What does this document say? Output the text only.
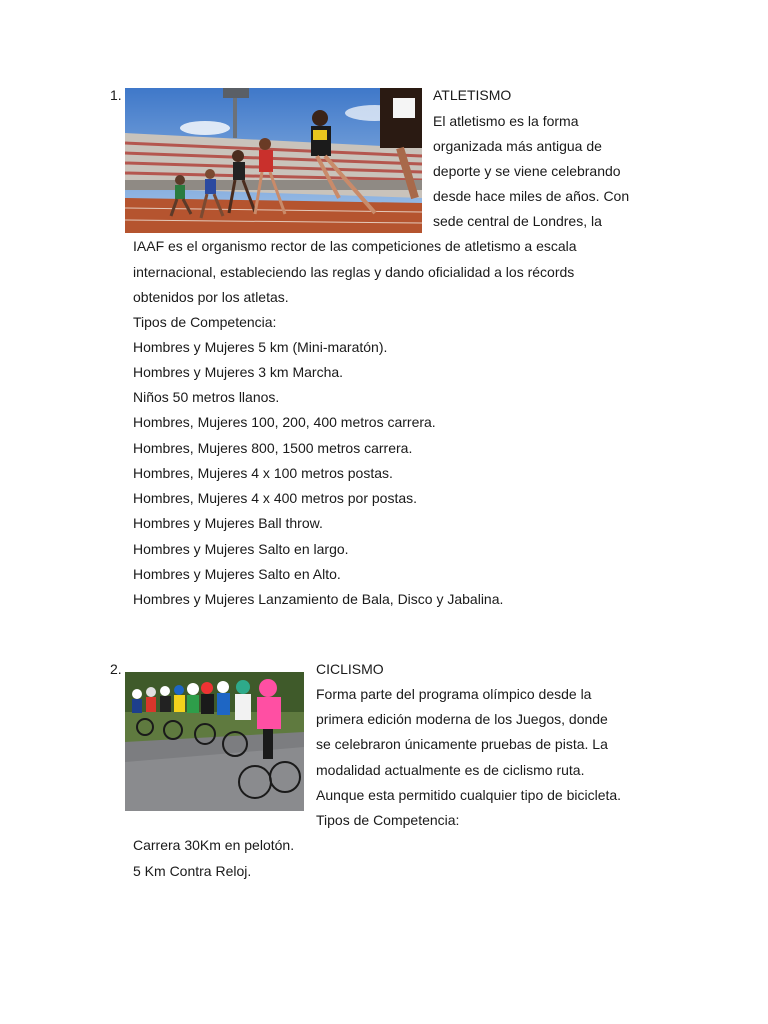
1.	ATLETISMO
El atletismo es la forma
organizada más antigua de
deporte y se viene celebrando
desde hace miles de años. Con
sede central de Londres, la
IAAF es el organismo rector de las competiciones de atletismo a escala
internacional, estableciendo las reglas y dando oficialidad a los récords
obtenidos por los atletas.
Tipos de Competencia:
Hombres y Mujeres 5 km (Mini-maratón).
Hombres y Mujeres 3 km Marcha.
Niños 50 metros llanos.
Hombres, Mujeres 100, 200, 400 metros carrera.
Hombres, Mujeres 800, 1500 metros carrera.
Hombres, Mujeres 4 x 100 metros postas.
Hombres, Mujeres 4 x 400 metros por postas.
Hombres y Mujeres Ball throw.
Hombres y Mujeres Salto en largo.
Hombres y Mujeres Salto en Alto.
Hombres y Mujeres Lanzamiento de Bala, Disco y Jabalina.
2.	CICLISMO
Forma parte del programa olímpico desde la
primera edición moderna de los Juegos, donde
se celebraron únicamente pruebas de pista. La
modalidad actualmente es de ciclismo ruta.
Aunque esta permitido cualquier tipo de bicicleta.
Tipos de Competencia:
Carrera 30Km en pelotón.
5 Km Contra Reloj.
